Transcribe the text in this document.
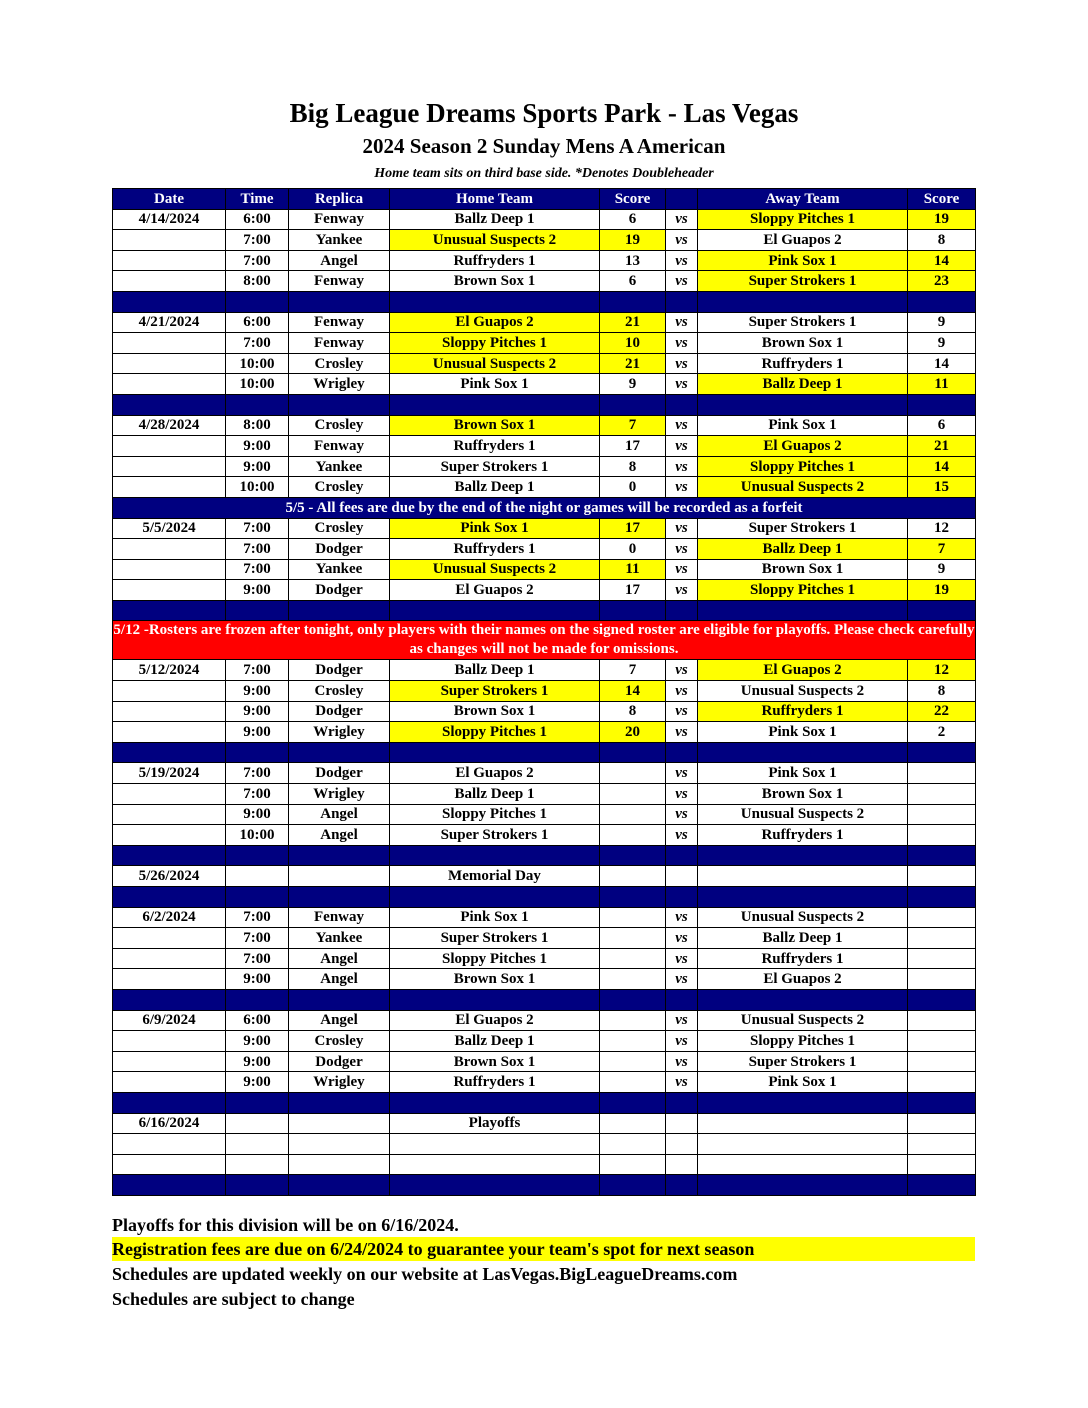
Big League Dreams Sports Park - Las Vegas
2024 Season 2 Sunday Mens A American
Home team sits on third base side. *Denotes Doubleheader
Date	Time	Replica	Home Team	Score		Away Team	Score
4/14/2024	6:00	Fenway	Ballz Deep 1	6	vs	Sloppy Pitches 1	19
	7:00	Yankee	Unusual Suspects 2	19	vs	El Guapos 2	8
	7:00	Angel	Ruffryders 1	13	vs	Pink Sox 1	14
	8:00	Fenway	Brown Sox 1	6	vs	Super Strokers 1	23

4/21/2024	6:00	Fenway	El Guapos 2	21	vs	Super Strokers 1	9
	7:00	Fenway	Sloppy Pitches 1	10	vs	Brown Sox 1	9
	10:00	Crosley	Unusual Suspects 2	21	vs	Ruffryders 1	14
	10:00	Wrigley	Pink Sox 1	9	vs	Ballz Deep 1	11

4/28/2024	8:00	Crosley	Brown Sox 1	7	vs	Pink Sox 1	6
	9:00	Fenway	Ruffryders 1	17	vs	El Guapos 2	21
	9:00	Yankee	Super Strokers 1	8	vs	Sloppy Pitches 1	14
	10:00	Crosley	Ballz Deep 1	0	vs	Unusual Suspects 2	15
5/5 - All fees are due by the end of the night or games will be recorded as a forfeit							
5/5/2024	7:00	Crosley	Pink Sox 1	17	vs	Super Strokers 1	12
	7:00	Dodger	Ruffryders 1	0	vs	Ballz Deep 1	7
	7:00	Yankee	Unusual Suspects 2	11	vs	Brown Sox 1	9
	9:00	Dodger	El Guapos 2	17	vs	Sloppy Pitches 1	19

5/12 -Rosters are frozen after tonight, only players with their names on the signed roster are eligible for playoffs. Please check carefully as changes will not be made for omissions.							
5/12/2024	7:00	Dodger	Ballz Deep 1	7	vs	El Guapos 2	12
	9:00	Crosley	Super Strokers 1	14	vs	Unusual Suspects 2	8
	9:00	Dodger	Brown Sox 1	8	vs	Ruffryders 1	22
	9:00	Wrigley	Sloppy Pitches 1	20	vs	Pink Sox 1	2

5/19/2024	7:00	Dodger	El Guapos 2		vs	Pink Sox 1	
	7:00	Wrigley	Ballz Deep 1		vs	Brown Sox 1	
	9:00	Angel	Sloppy Pitches 1		vs	Unusual Suspects 2	
	10:00	Angel	Super Strokers 1		vs	Ruffryders 1	

5/26/2024			Memorial Day				

6/2/2024	7:00	Fenway	Pink Sox 1		vs	Unusual Suspects 2	
	7:00	Yankee	Super Strokers 1		vs	Ballz Deep 1	
	7:00	Angel	Sloppy Pitches 1		vs	Ruffryders 1	
	9:00	Angel	Brown Sox 1		vs	El Guapos 2	

6/9/2024	6:00	Angel	El Guapos 2		vs	Unusual Suspects 2	
	9:00	Crosley	Ballz Deep 1		vs	Sloppy Pitches 1	
	9:00	Dodger	Brown Sox 1		vs	Super Strokers 1	
	9:00	Wrigley	Ruffryders 1		vs	Pink Sox 1	

6/16/2024			Playoffs				

Playoffs for this division will be on 6/16/2024.
Registration fees are due on 6/24/2024 to guarantee your team's spot for next season
Schedules are updated weekly on our website at LasVegas.BigLeagueDreams.com
Schedules are subject to change
